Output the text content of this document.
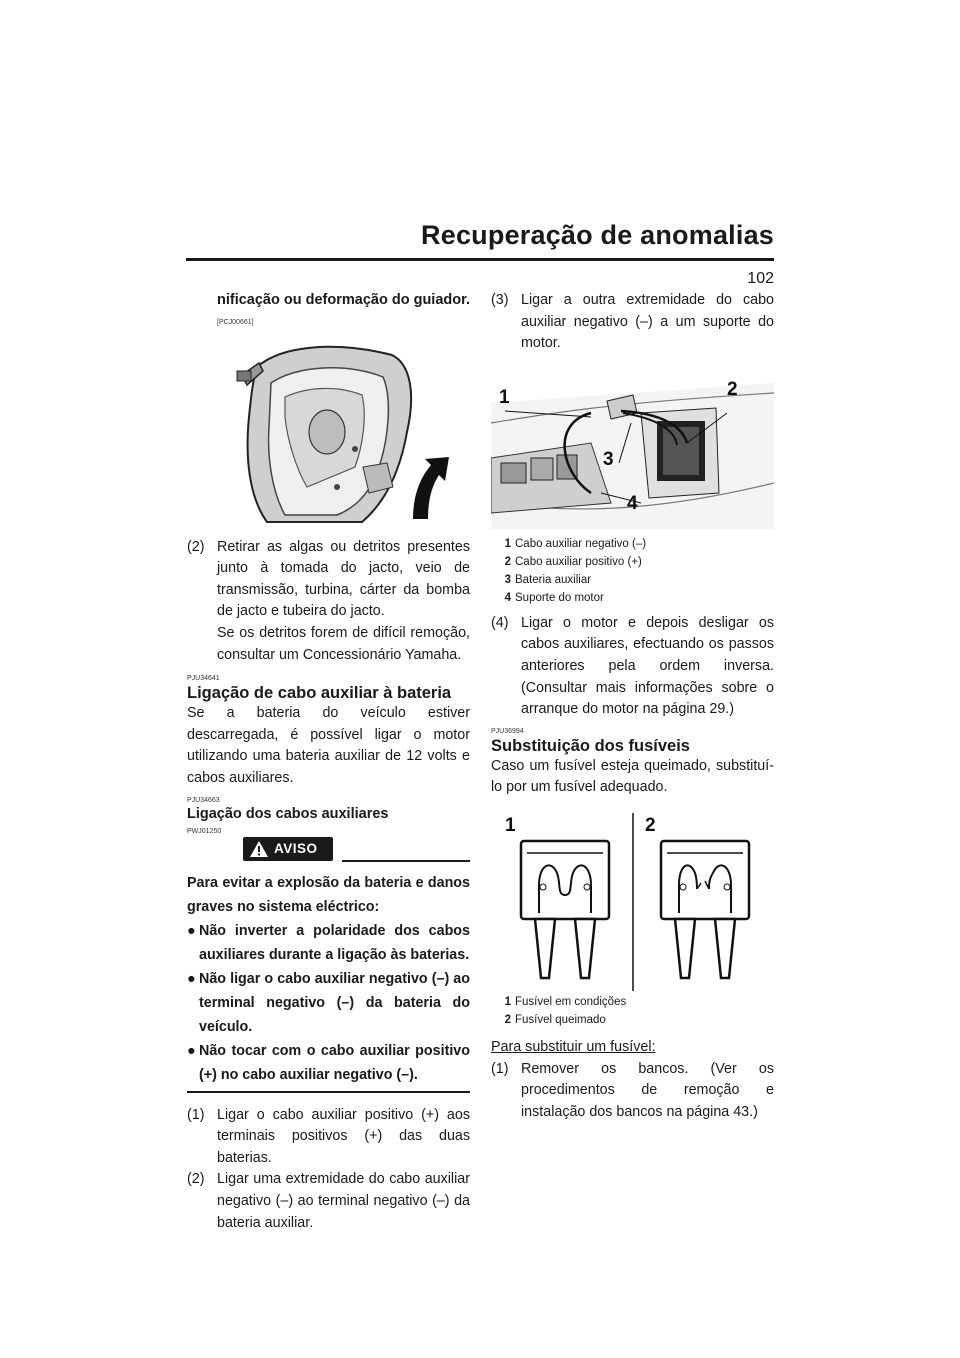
Recuperação de anomalias
102

nificação ou deformação do guiador.

[PCJ00661]

(2) Retirar as algas ou detritos presentes junto à tomada do jacto, veio de transmissão, turbina, cárter da bomba de jacto e tubeira do jacto.

Se os detritos forem de difícil remoção, consultar um Concessionário Yamaha.

PJU34641

Ligação de cabo auxiliar à bateria

Se a bateria do veículo estiver descarregada, é possível ligar o motor utilizando uma bateria auxiliar de 12 volts e cabos auxiliares.

PJU34663

Ligação dos cabos auxiliares

PWJ01250

AVISO

Para evitar a explosão da bateria e danos graves no sistema eléctrico:

● Não inverter a polaridade dos cabos auxiliares durante a ligação às baterias.
● Não ligar o cabo auxiliar negativo (–) ao terminal negativo (–) da bateria do veículo.
● Não tocar com o cabo auxiliar positivo (+) no cabo auxiliar negativo (–).
(1) Ligar o cabo auxiliar positivo (+) aos terminais positivos (+) das duas baterias.
(2) Ligar uma extremidade do cabo auxiliar negativo (–) ao terminal negativo (–) da bateria auxiliar.
(3) Ligar a outra extremidade do cabo auxiliar negativo (–) a um suporte do motor.
1	2
3
4
1 Cabo auxiliar negativo (–)
2 Cabo auxiliar positivo (+)
3 Bateria auxiliar
4 Suporte do motor
(4) Ligar o motor e depois desligar os cabos auxiliares, efectuando os passos anteriores pela ordem inversa. (Consultar mais informações sobre o arranque do motor na página 29.)

PJU36994

Substituição dos fusíveis

Caso um fusível esteja queimado, substituí-lo por um fusível adequado.

1	2
1 Fusível em condições
2 Fusível queimado

Para substituir um fusível:

(1) Remover os bancos. (Ver os procedimentos de remoção e instalação dos bancos na página 43.)
